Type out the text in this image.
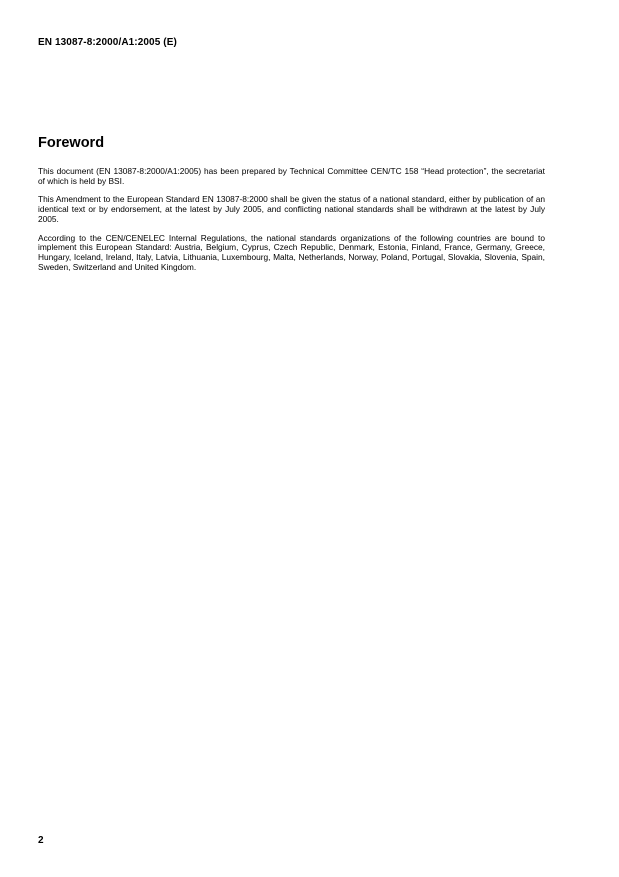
EN 13087-8:2000/A1:2005 (E)
Foreword

This document (EN 13087-8:2000/A1:2005) has been prepared by Technical Committee CEN/TC 158 “Head protection”, the secretariat of which is held by BSI.

This Amendment to the European Standard EN 13087-8:2000 shall be given the status of a national standard, either by publication of an identical text or by endorsement, at the latest by July 2005, and conflicting national standards shall be withdrawn at the latest by July 2005.

According to the CEN/CENELEC Internal Regulations, the national standards organizations of the following countries are bound to implement this European Standard: Austria, Belgium, Cyprus, Czech Republic, Denmark, Estonia, Finland, France, Germany, Greece, Hungary, Iceland, Ireland, Italy, Latvia, Lithuania, Luxembourg, Malta, Netherlands, Norway, Poland, Portugal, Slovakia, Slovenia, Spain, Sweden, Switzerland and United Kingdom.

2
